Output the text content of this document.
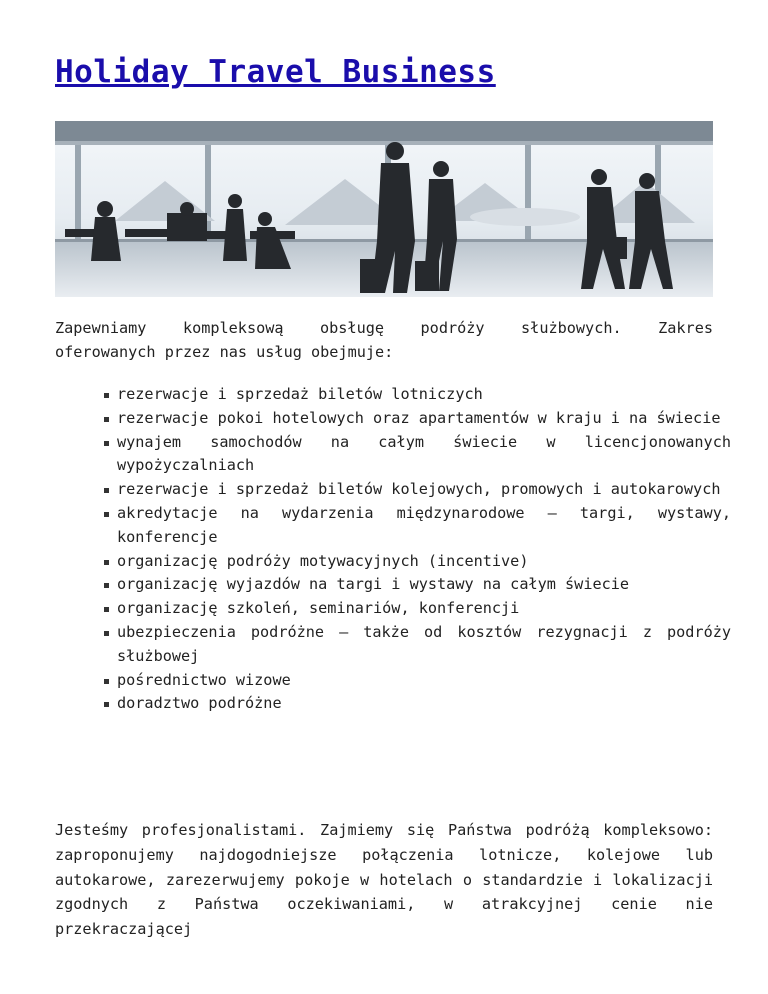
Holiday Travel Business

Zapewniamy kompleksową obsługę podróży służbowych. Zakres
oferowanych przez nas usług obejmuje:

rezerwacje i sprzedaż biletów lotniczych
rezerwacje pokoi hotelowych oraz apartamentów w kraju i na świecie
wynajem samochodów na całym świecie w licencjonowanych wypożyczalniach
rezerwacje i sprzedaż biletów kolejowych, promowych i autokarowych
akredytacje na wydarzenia międzynarodowe – targi, wystawy, konferencje
organizację podróży motywacyjnych (incentive)
organizację wyjazdów na targi i wystawy na całym świecie
organizację szkoleń, seminariów, konferencji
ubezpieczenia podróżne – także od kosztów rezygnacji z podróży służbowej
pośrednictwo wizowe
doradztwo podróżne

Jesteśmy profesjonalistami. Zajmiemy się Państwa podróżą kompleksowo: zaproponujemy najdogodniejsze połączenia lotnicze, kolejowe lub autokarowe, zarezerwujemy pokoje w hotelach o standardzie i lokalizacji zgodnych z Państwa oczekiwaniami, w atrakcyjnej cenie nie przekraczającej
